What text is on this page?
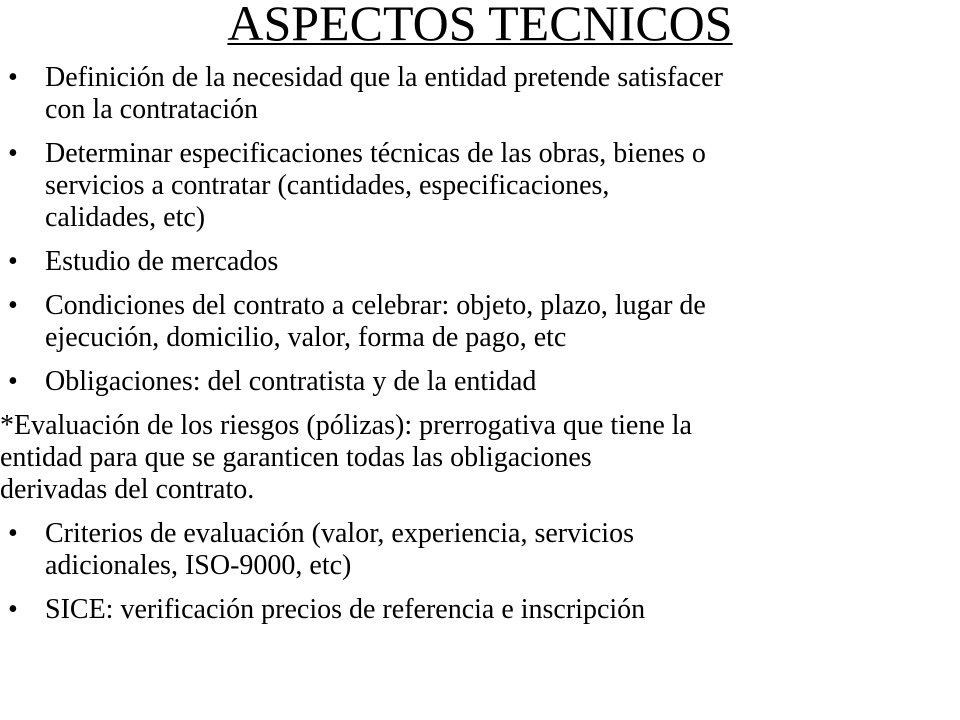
ASPECTOS TECNICOS
• Definición de la necesidad que la entidad pretende satisfacer
con la contratación
• Determinar especificaciones técnicas de las obras, bienes o
servicios a contratar (cantidades, especificaciones,
calidades, etc)
• Estudio de mercados
• Condiciones del contrato a celebrar: objeto, plazo, lugar de
ejecución, domicilio, valor, forma de pago, etc
• Obligaciones: del contratista y de la entidad
*Evaluación de los riesgos (pólizas): prerrogativa que tiene la
entidad para que se garanticen todas las obligaciones
derivadas del contrato.
• Criterios de evaluación (valor, experiencia, servicios
adicionales, ISO-9000, etc)
• SICE: verificación precios de referencia e inscripción
